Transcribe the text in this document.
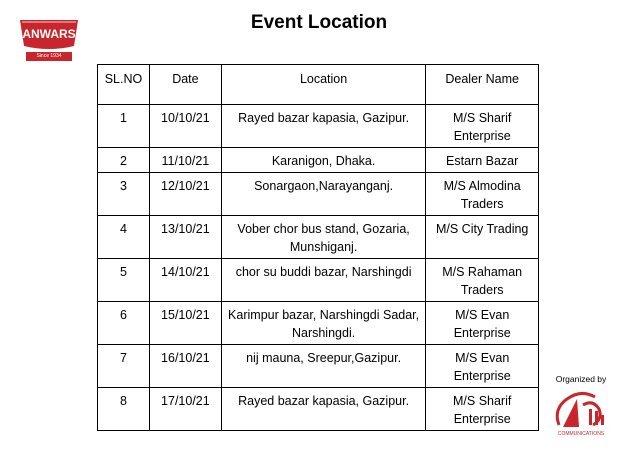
Event Location
ANWARS
Since 1934
SL.NO	Date	Location	Dealer Name
1	10/10/21	Rayed bazar kapasia, Gazipur.	M/S Sharif Enterprise
2	11/10/21	Karanigon, Dhaka.	Estarn Bazar
3	12/10/21	Sonargaon,Narayanganj.	M/S Almodina Traders
4	13/10/21	Vober chor bus stand, Gozaria, Munshiganj.	M/S City Trading
5	14/10/21	chor su buddi bazar, Narshingdi	M/S Rahaman Traders
6	15/10/21	Karimpur bazar, Narshingdi Sadar, Narshingdi.	M/S Evan Enterprise
7	16/10/21	nij mauna, Sreepur,Gazipur.	M/S Evan Enterprise
8	17/10/21	Rayed bazar kapasia, Gazipur.	M/S Sharif Enterprise
Organized by
COMMUNICATIONS
